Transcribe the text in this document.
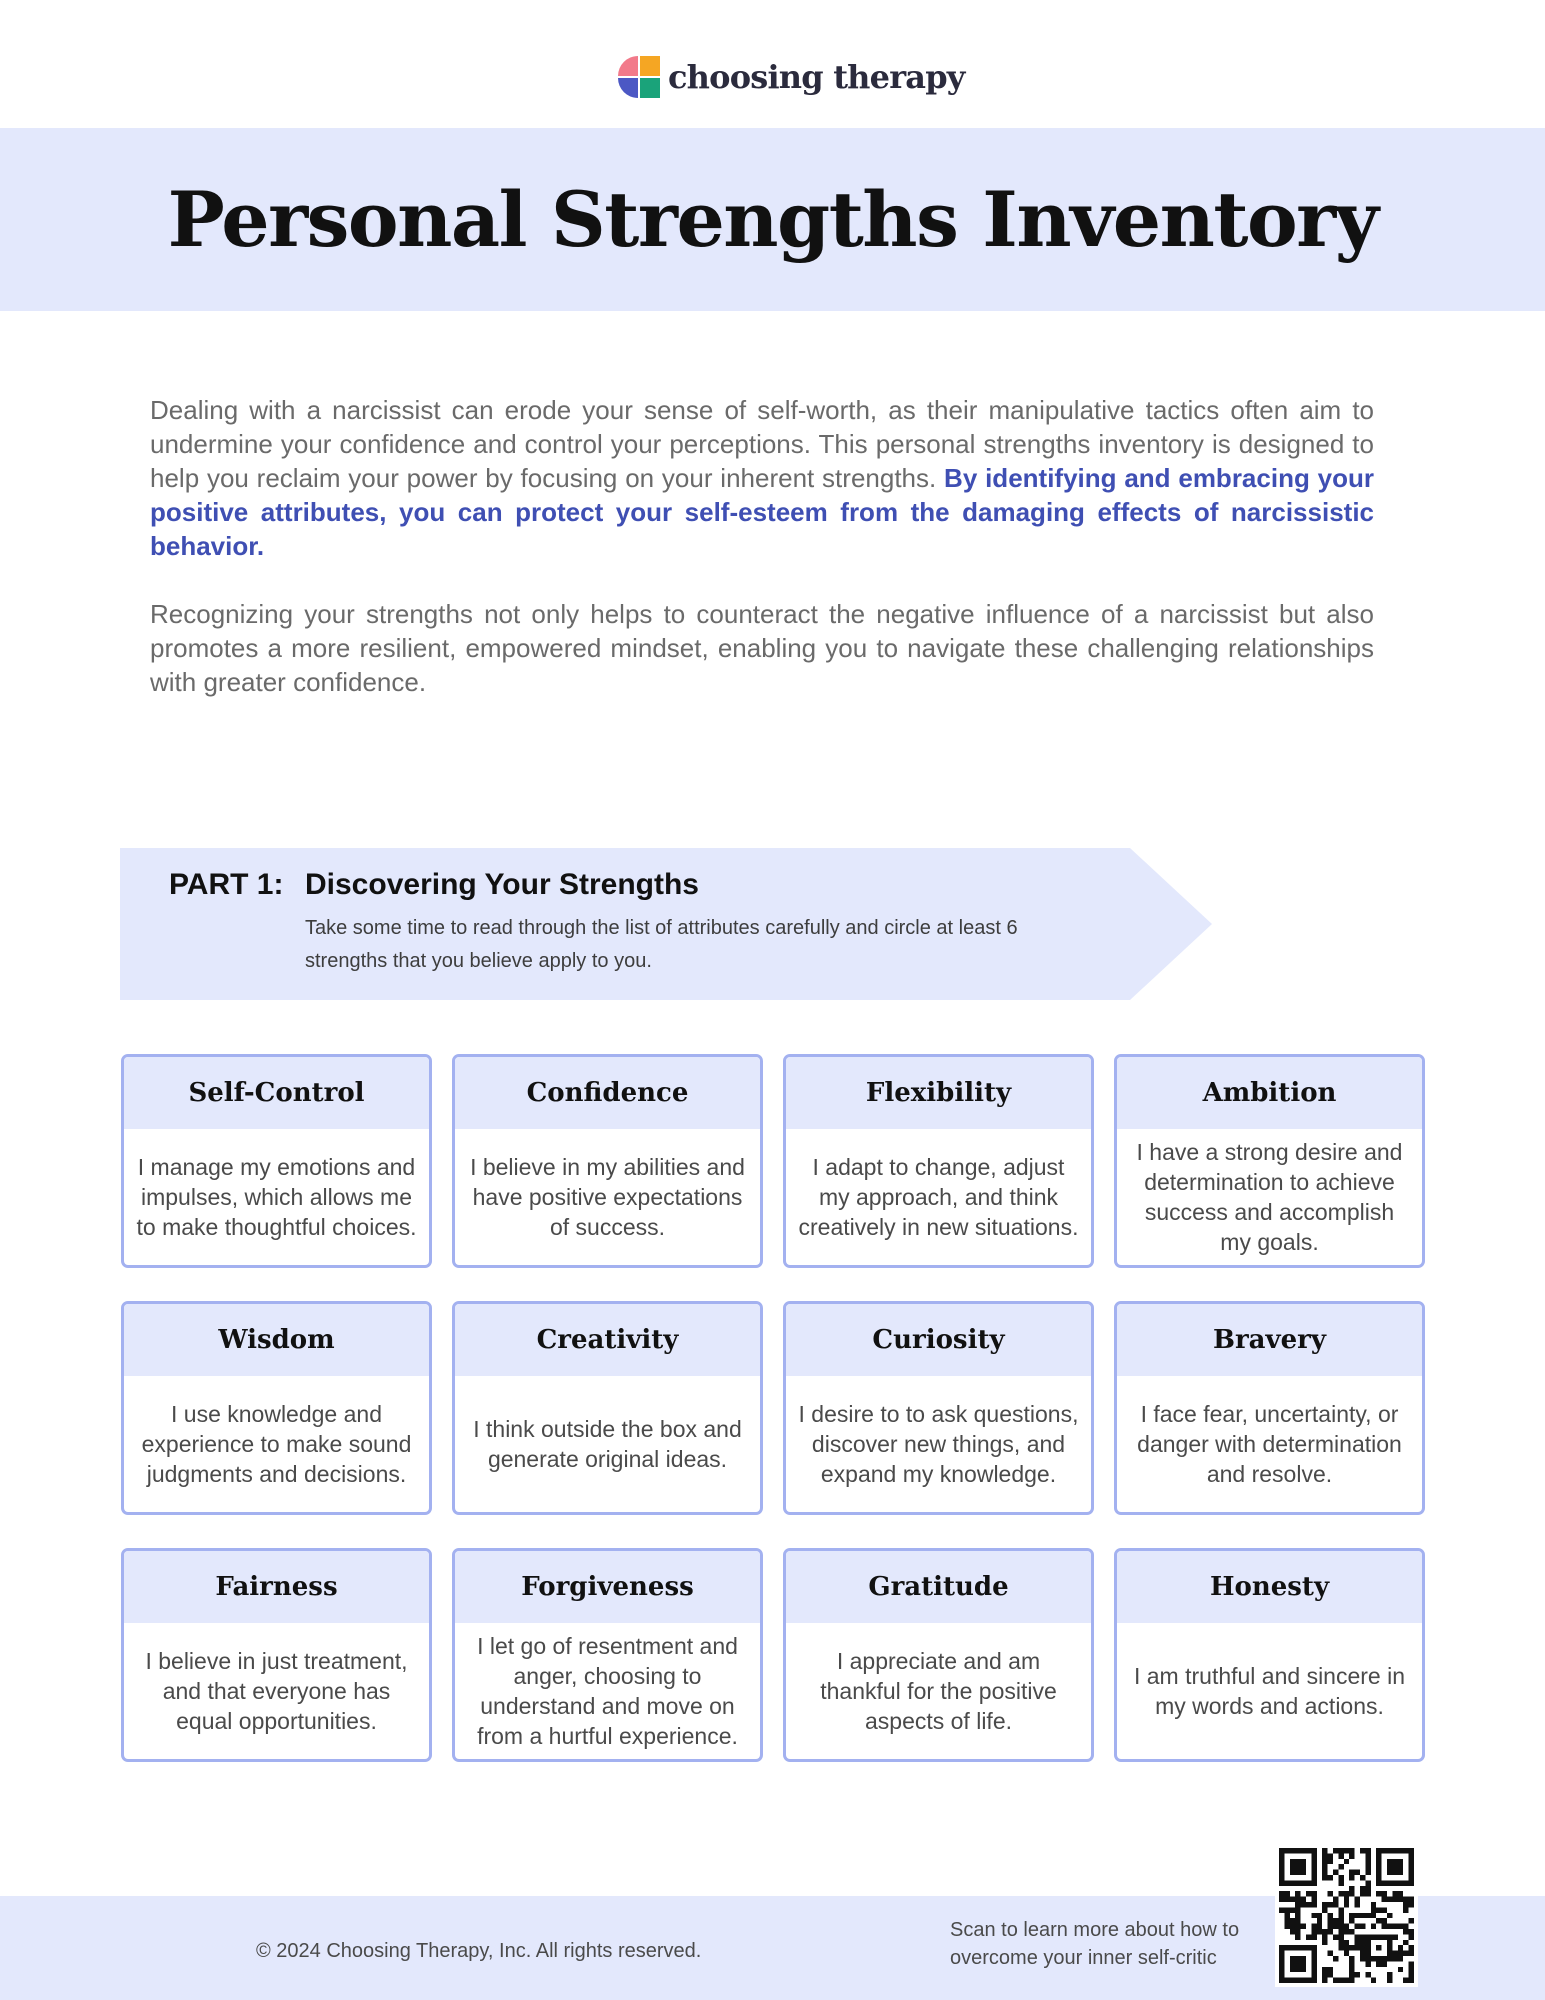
choosing therapy
Personal Strengths Inventory

Dealing with a narcissist can erode your sense of self-worth, as their manipulative tactics often aim to undermine your confidence and control your perceptions. This personal strengths inventory is designed to help you reclaim your power by focusing on your inherent strengths. By identifying and embracing your positive attributes, you can protect your self-esteem from the damaging effects of narcissistic behavior.

Recognizing your strengths not only helps to counteract the negative influence of a narcissist but also promotes a more resilient, empowered mindset, enabling you to navigate these challenging relationships with greater confidence.

PART 1: Discovering Your Strengths

Take some time to read through the list of attributes carefully and circle at least 6 strengths that you believe apply to you.

Self-Control
I manage my emotions and impulses, which allows me to make thoughtful choices.
Confidence
I believe in my abilities and have positive expectations of success.
Flexibility
I adapt to change, adjust my approach, and think creatively in new situations.
Ambition
I have a strong desire and determination to achieve success and accomplish my goals.
Wisdom
I use knowledge and experience to make sound judgments and decisions.
Creativity
I think outside the box and generate original ideas.
Curiosity
I desire to to ask questions, discover new things, and expand my knowledge.
Bravery
I face fear, uncertainty, or danger with determination and resolve.
Fairness
I believe in just treatment, and that everyone has equal opportunities.
Forgiveness
I let go of resentment and anger, choosing to understand and move on from a hurtful experience.
Gratitude
I appreciate and am thankful for the positive aspects of life.
Honesty
I am truthful and sincere in my words and actions.
© 2024 Choosing Therapy, Inc. All rights reserved.

Scan to learn more about how to overcome your inner self-critic
